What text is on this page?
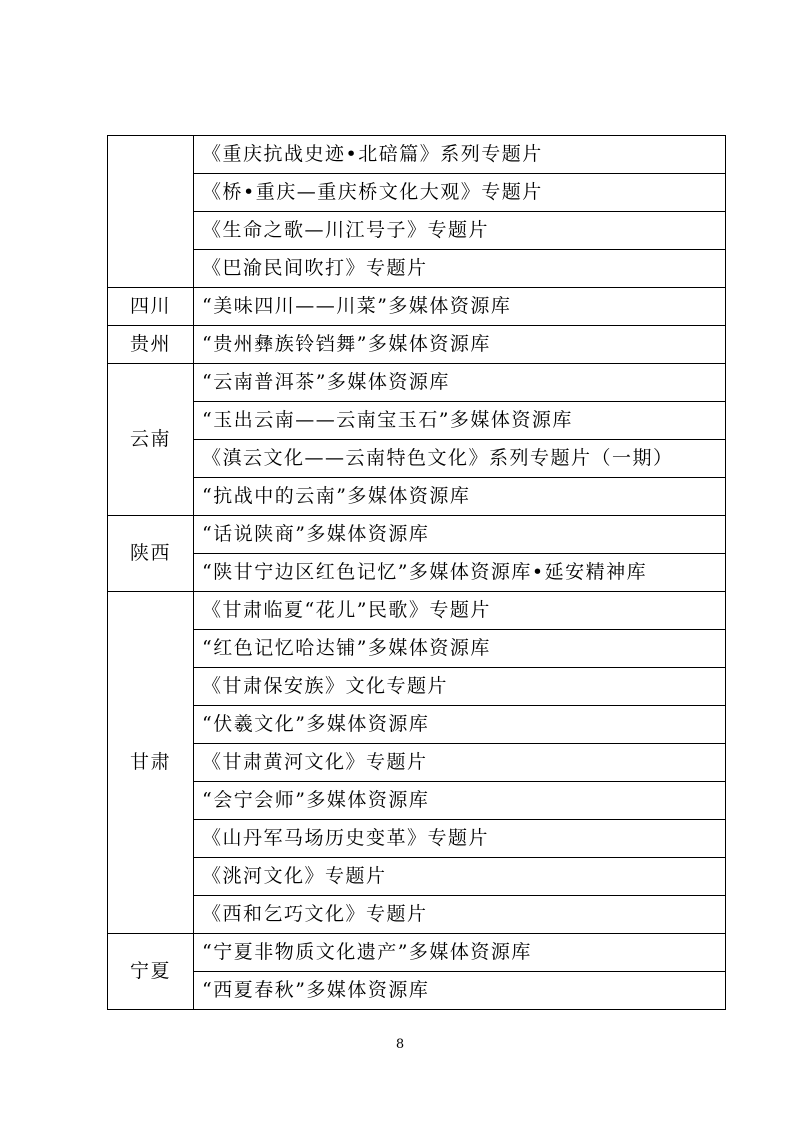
	《重庆抗战史迹•北碚篇》系列专题片
	《桥•重庆—重庆桥文化大观》专题片
	《生命之歌—川江号子》专题片
	《巴渝民间吹打》专题片
四川	“美味四川——川菜”多媒体资源库
贵州	“贵州彝族铃铛舞”多媒体资源库
云南	“云南普洱茶”多媒体资源库
	“玉出云南——云南宝玉石”多媒体资源库
	《滇云文化——云南特色文化》系列专题片（一期）
	“抗战中的云南”多媒体资源库
陕西	“话说陕商”多媒体资源库
	“陕甘宁边区红色记忆”多媒体资源库•延安精神库
甘肃	《甘肃临夏“花儿”民歌》专题片
	“红色记忆哈达铺”多媒体资源库
	《甘肃保安族》文化专题片
	“伏羲文化”多媒体资源库
	《甘肃黄河文化》专题片
	“会宁会师”多媒体资源库
	《山丹军马场历史变革》专题片
	《洮河文化》专题片
	《西和乞巧文化》专题片
宁夏	“宁夏非物质文化遗产”多媒体资源库
	“西夏春秋”多媒体资源库
8
